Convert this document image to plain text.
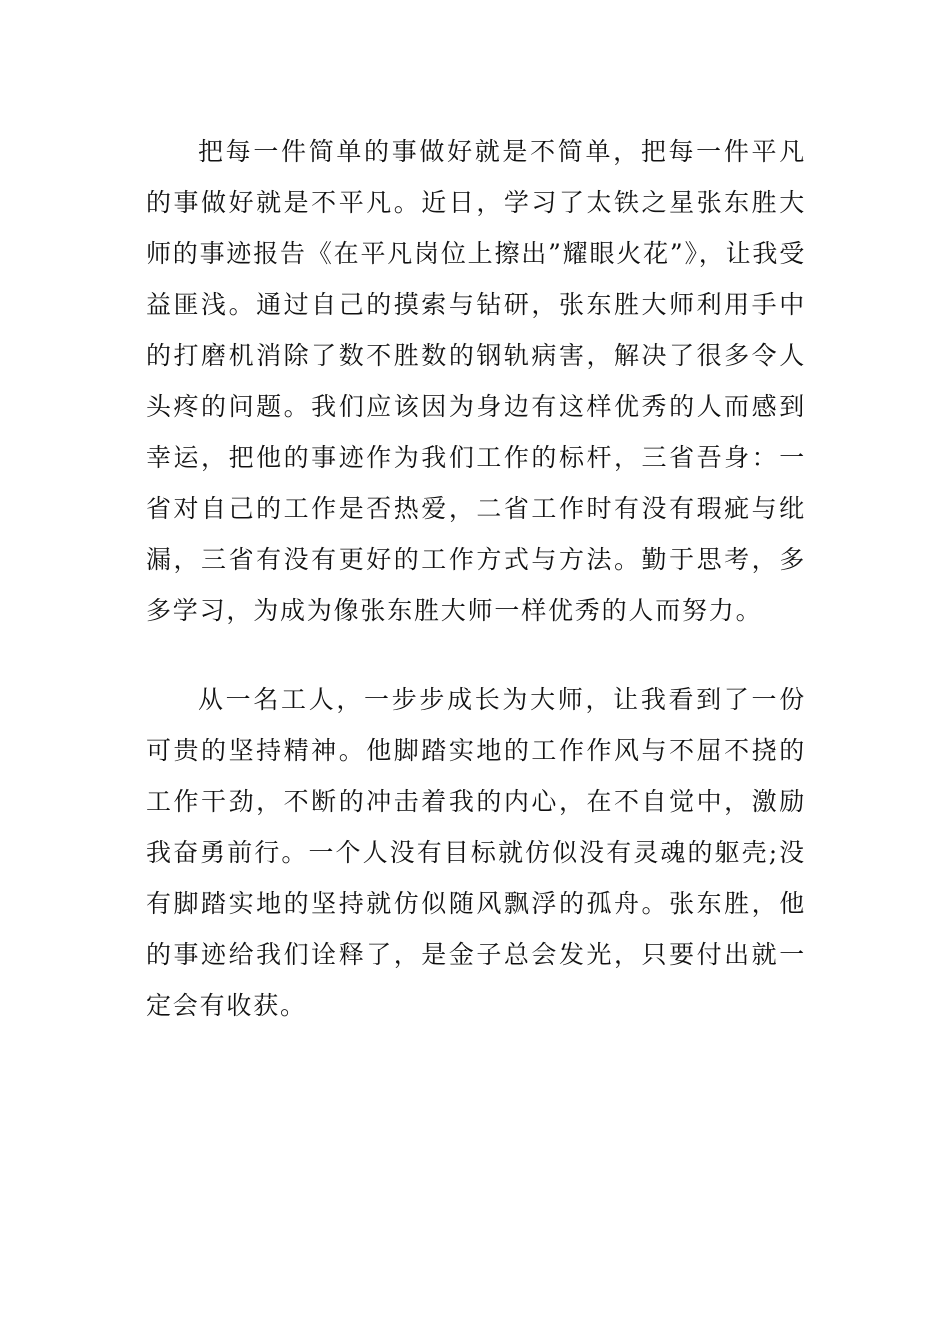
把每一件简单的事做好就是不简单，把每一件平凡的事做好就是不平凡。近日，学习了太铁之星张东胜大师的事迹报告《在平凡岗位上擦出”耀眼火花”》，让我受益匪浅。通过自己的摸索与钻研，张东胜大师利用手中的打磨机消除了数不胜数的钢轨病害，解决了很多令人头疼的问题。我们应该因为身边有这样优秀的人而感到幸运，把他的事迹作为我们工作的标杆，三省吾身：一省对自己的工作是否热爱，二省工作时有没有瑕疵与纰漏，三省有没有更好的工作方式与方法。勤于思考，多多学习，为成为像张东胜大师一样优秀的人而努力。

从一名工人，一步步成长为大师，让我看到了一份可贵的坚持精神。他脚踏实地的工作作风与不屈不挠的工作干劲，不断的冲击着我的内心，在不自觉中，激励我奋勇前行。一个人没有目标就仿似没有灵魂的躯壳;没有脚踏实地的坚持就仿似随风飘浮的孤舟。张东胜，他的事迹给我们诠释了，是金子总会发光，只要付出就一定会有收获。
